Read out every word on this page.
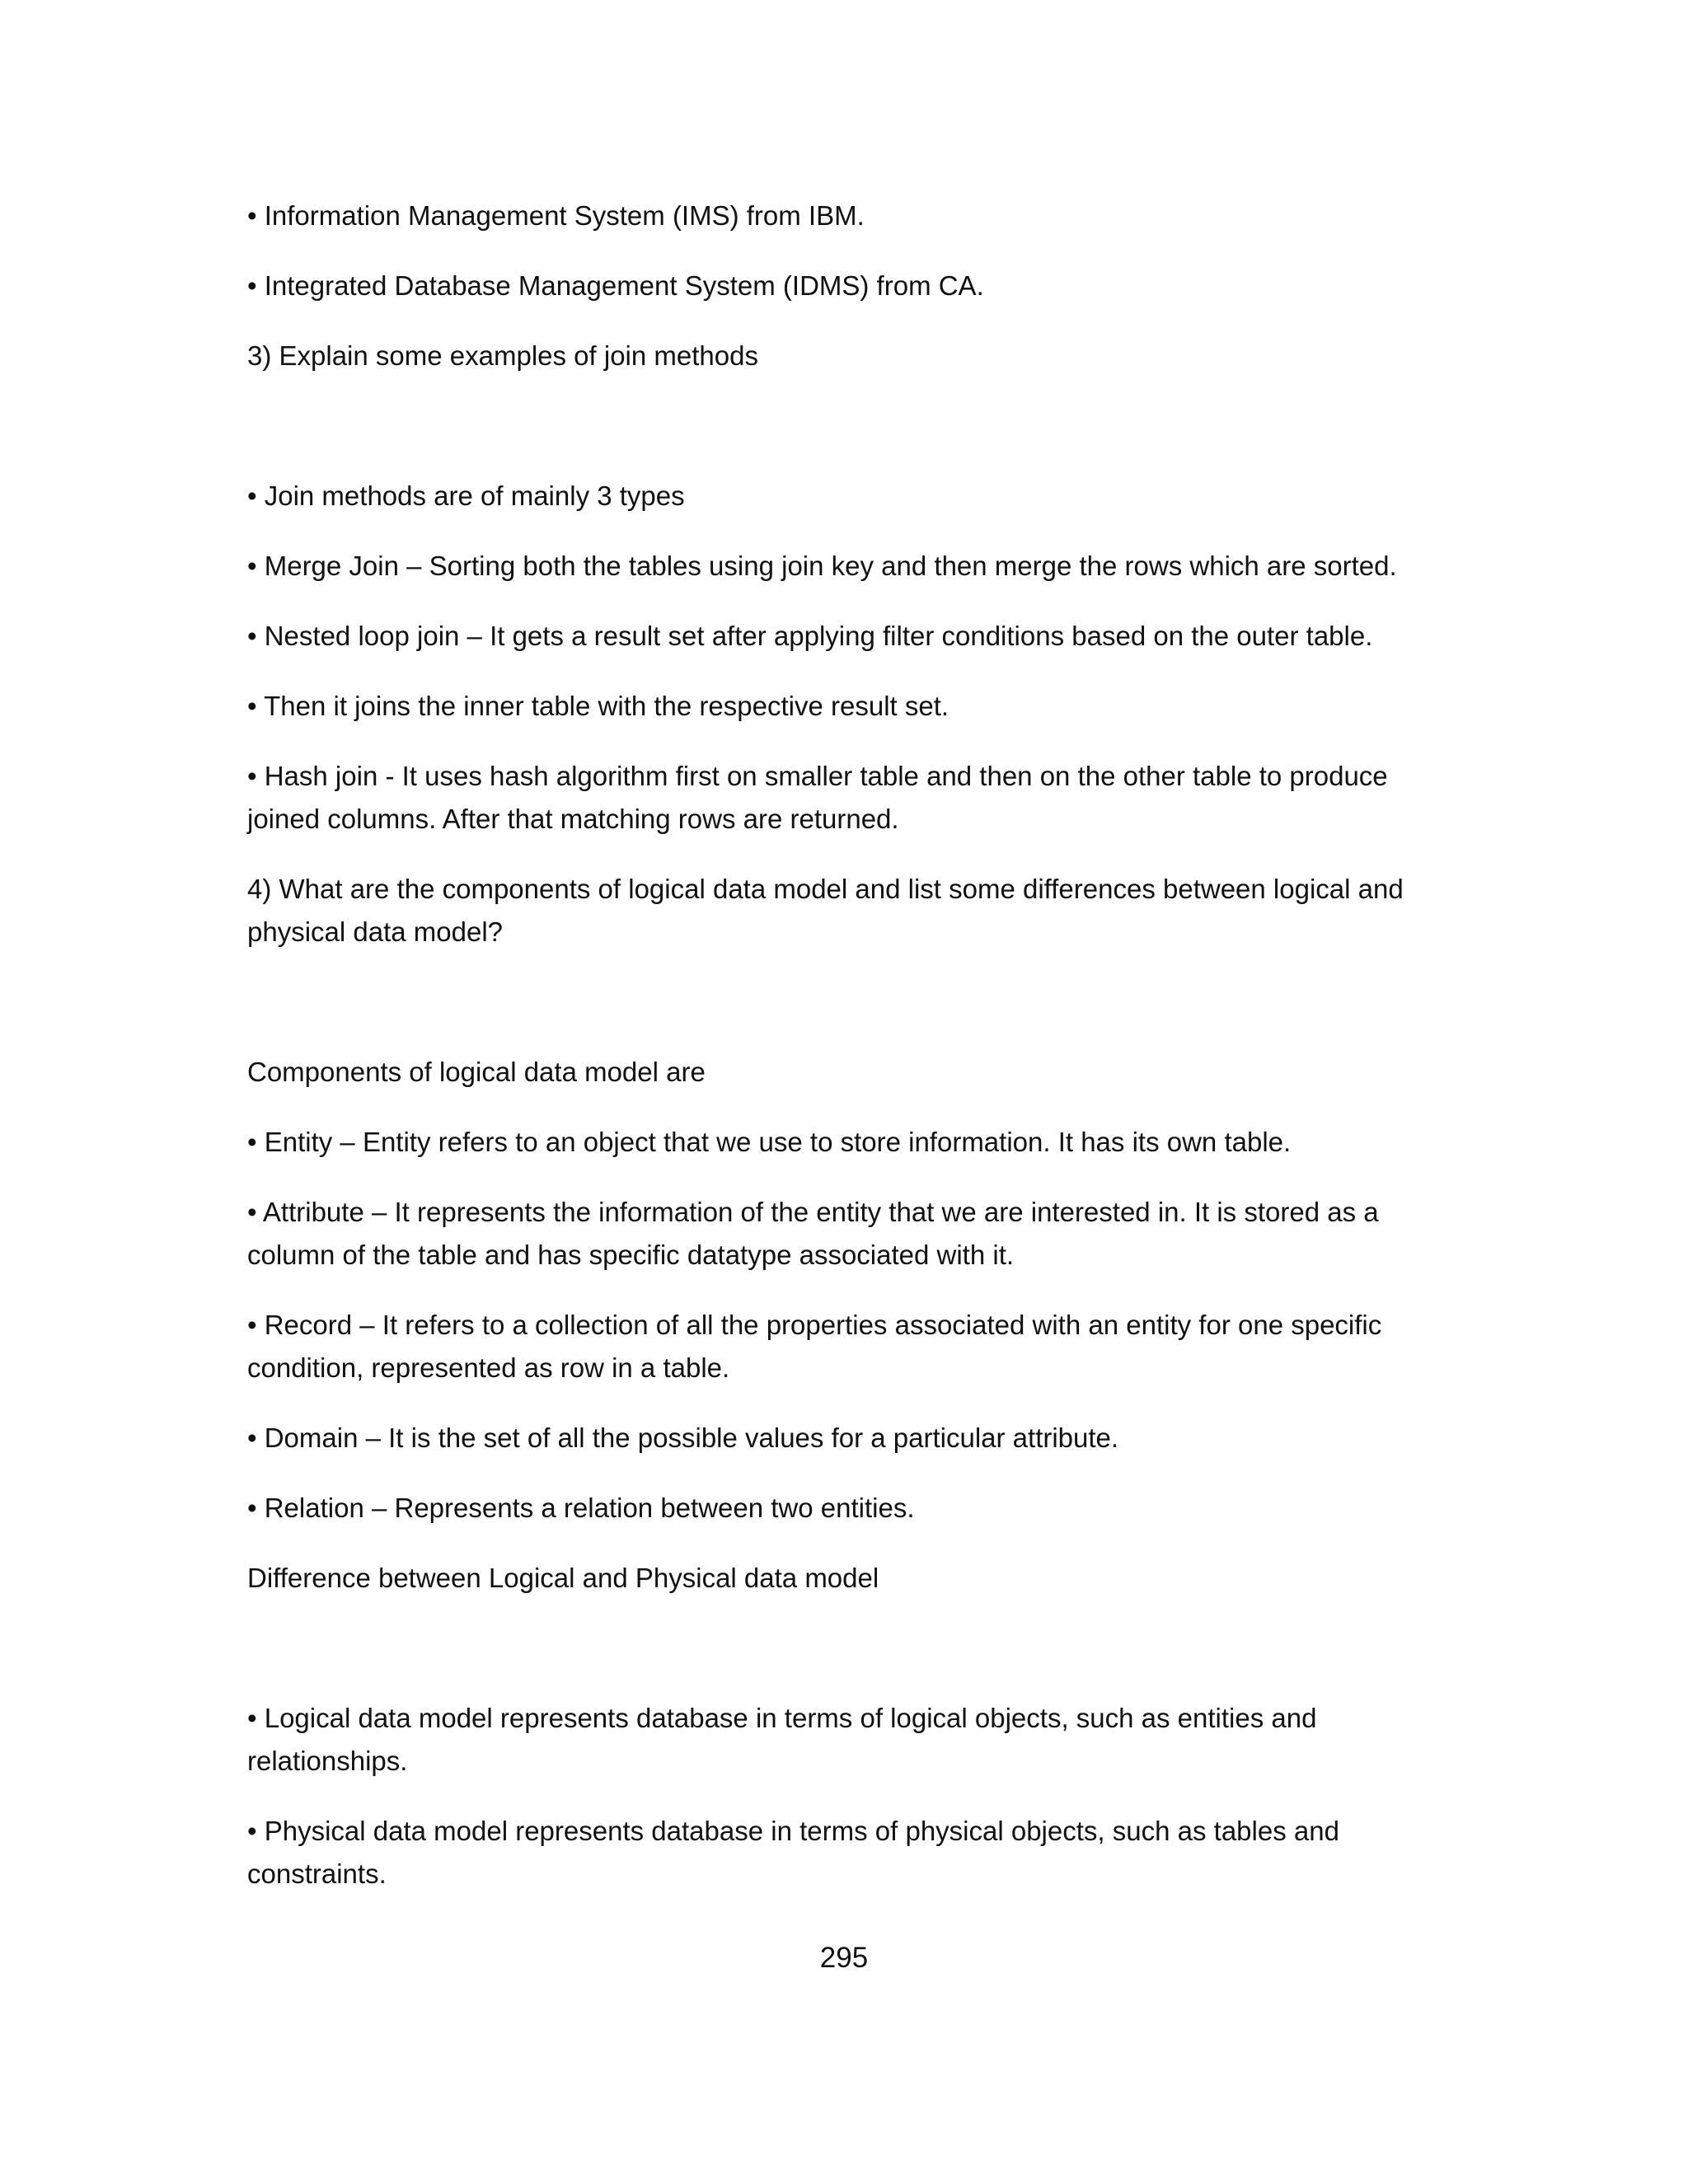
• Information Management System (IMS) from IBM.

• Integrated Database Management System (IDMS) from CA.

3) Explain some examples of join methods

• Join methods are of mainly 3 types

• Merge Join – Sorting both the tables using join key and then merge the rows which are sorted.

• Nested loop join – It gets a result set after applying filter conditions based on the outer table.

• Then it joins the inner table with the respective result set.

• Hash join - It uses hash algorithm first on smaller table and then on the other table to produce joined columns. After that matching rows are returned.

4) What are the components of logical data model and list some differences between logical and physical data model?

Components of logical data model are

• Entity – Entity refers to an object that we use to store information. It has its own table.

• Attribute – It represents the information of the entity that we are interested in. It is stored as a column of the table and has specific datatype associated with it.

• Record – It refers to a collection of all the properties associated with an entity for one specific condition, represented as row in a table.

• Domain – It is the set of all the possible values for a particular attribute.

• Relation – Represents a relation between two entities.

Difference between Logical and Physical data model

• Logical data model represents database in terms of logical objects, such as entities and relationships.

• Physical data model represents database in terms of physical objects, such as tables and constraints.

295
